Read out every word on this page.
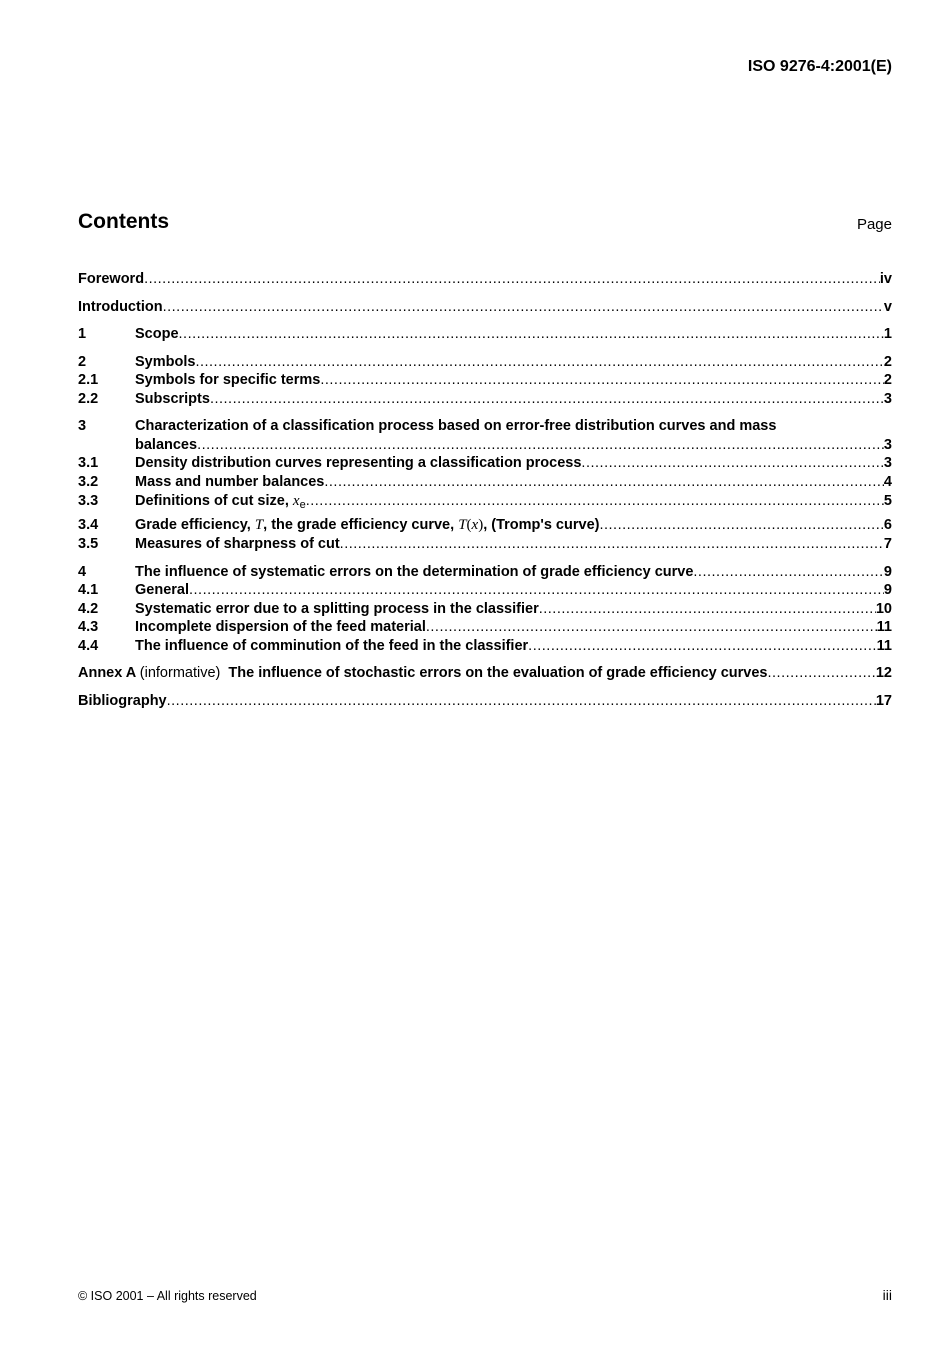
ISO 9276-4:2001(E)
Contents	Page
Foreword .....	iv
Introduction .....	v
1	Scope .....	1
2	Symbols .....	2
2.1	Symbols for specific terms .....	2
2.2	Subscripts .....	3
3	Characterization of a classification process based on error-free distribution curves and mass
balances .....	3
3.1	Density distribution curves representing a classification process .....	3
3.2	Mass and number balances .....	4
3.3	Definitions of cut size, $x_e$ .....	5
3.4	Grade efficiency, T, the grade efficiency curve, T(x), (Tromp's curve) .....	6
3.5	Measures of sharpness of cut .....	7
4	The influence of systematic errors on the determination of grade efficiency curve .....	9
4.1	General .....	9
4.2	Systematic error due to a splitting process in the classifier .....	10
4.3	Incomplete dispersion of the feed material .....	11
4.4	The influence of comminution of the feed in the classifier .....	11
Annex A (informative) The influence of stochastic errors on the evaluation of grade efficiency curves .....	12
Bibliography .....	17
© ISO 2001 – All rights reserved	iii
